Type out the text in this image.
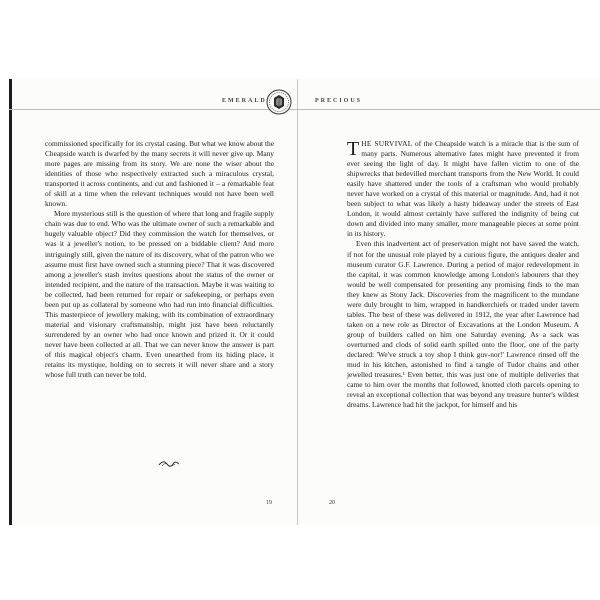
EMERALD	PRECIOUS

commissioned specifically for its crystal casing. But what we know about the Cheapside watch is dwarfed by the many secrets it will never give up. Many more pages are missing from its story. We are none the wiser about the identities of those who respectively extracted such a miraculous crystal, transported it across continents, and cut and fashioned it – a remarkable feat of skill at a time when the relevant techniques would not have been well known.

More mysterious still is the question of where that long and fragile supply chain was due to end. Who was the ultimate owner of such a remarkable and hugely valuable object? Did they commission the watch for themselves, or was it a jeweller's notion, to be pressed on a biddable client? And more intriguingly still, given the nature of its discovery, what of the patron who we assume must first have owned such a stunning piece? That it was discovered among a jeweller's stash invites questions about the status of the owner or intended recipient, and the nature of the transaction. Maybe it was waiting to be collected, had been returned for repair or safekeeping, or perhaps even been put up as collateral by someone who had run into financial difficulties. This masterpiece of jewellery making, with its combination of extraordinary material and visionary craftsmanship, might just have been reluctantly surrendered by an owner who had once known and prized it. Or it could never have been collected at all. That we can never know the answer is part of this magical object's charm. Even unearthed from its hiding place, it retains its mystique, holding on to secrets it will never share and a story whose full truth can never be told.

19

THE SURVIVAL of the Cheapside watch is a miracle that is the sum of many parts. Numerous alternative fates might have prevented it from ever seeing the light of day. It might have fallen victim to one of the shipwrecks that bedevilled merchant transports from the New World. It could easily have shattered under the tools of a craftsman who would probably never have worked on a crystal of this material or magnitude. And, had it not been subject to what was likely a hasty hideaway under the streets of East London, it would almost certainly have suffered the indignity of being cut down and divided into many smaller, more manageable pieces at some point in its history.

Even this inadvertent act of preservation might not have saved the watch, if not for the unusual role played by a curious figure, the antiques dealer and museum curator G.F. Lawrence. During a period of major redevelopment in the capital, it was common knowledge among London's labourers that they would be well compensated for presenting any promising finds to the man they knew as Stony Jack. Discoveries from the magnificent to the mundane were duly brought to him, wrapped in handkerchiefs or traded under tavern tables. The best of these was delivered in 1912, the year after Lawrence had taken on a new role as Director of Excavations at the London Museum. A group of builders called on him one Saturday evening. As a sack was overturned and clods of solid earth spilled onto the floor, one of the party declared: 'We've struck a toy shop I think guv-nor!' Lawrence rinsed off the mud in his kitchen, astonished to find a tangle of Tudor chains and other jewelled treasures.¹ Even better, this was just one of multiple deliveries that came to him over the months that followed, knotted cloth parcels opening to reveal an exceptional collection that was beyond any treasure hunter's wildest dreams. Lawrence had hit the jackpot, for himself and his

20
